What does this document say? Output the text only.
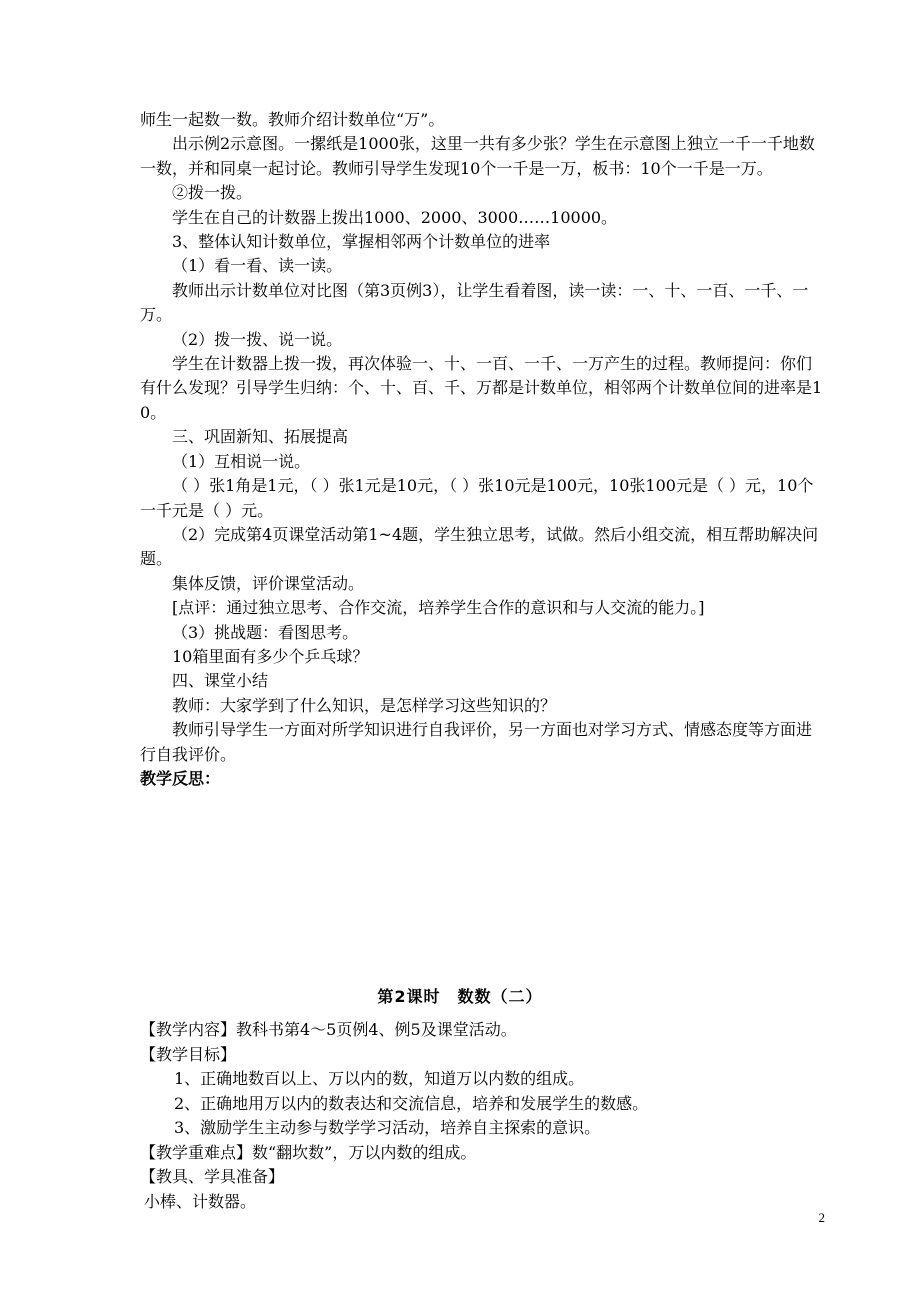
师生一起数一数。教师介绍计数单位“万”。

出示例2示意图。一摞纸是1000张，这里一共有多少张？学生在示意图上独立一千一千地数一数，并和同桌一起讨论。教师引导学生发现10个一千是一万，板书：10个一千是一万。

②拨一拨。

学生在自己的计数器上拨出1000、2000、3000……10000。

3、整体认知计数单位，掌握相邻两个计数单位的进率

（1）看一看、读一读。

教师出示计数单位对比图（第3页例3），让学生看着图，读一读：一、十、一百、一千、一万。

（2）拨一拨、说一说。

学生在计数器上拨一拨，再次体验一、十、一百、一千、一万产生的过程。教师提问：你们有什么发现？引导学生归纳：个、十、百、千、万都是计数单位，相邻两个计数单位间的进率是10。

三、巩固新知、拓展提高

（1）互相说一说。

（ ）张1角是1元，（ ）张1元是10元，（ ）张10元是100元，10张100元是（ ）元，10个一千元是（ ）元。

（2）完成第4页课堂活动第1~4题，学生独立思考，试做。然后小组交流，相互帮助解决问题。

集体反馈，评价课堂活动。

[点评：通过独立思考、合作交流，培养学生合作的意识和与人交流的能力。]

（3）挑战题：看图思考。

10箱里面有多少个乒乓球？

四、课堂小结

教师：大家学到了什么知识，是怎样学习这些知识的？

教师引导学生一方面对所学知识进行自我评价，另一方面也对学习方式、情感态度等方面进行自我评价。

教学反思：

第2课时　数数（二）

【教学内容】教科书第4～5页例4、例5及课堂活动。

【教学目标】

1、正确地数百以上、万以内的数，知道万以内数的组成。

2、正确地用万以内的数表达和交流信息，培养和发展学生的数感。

3、激励学生主动参与数学学习活动，培养自主探索的意识。

【教学重难点】数“翻坎数”，万以内数的组成。

【教具、学具准备】

小棒、计数器。

2
